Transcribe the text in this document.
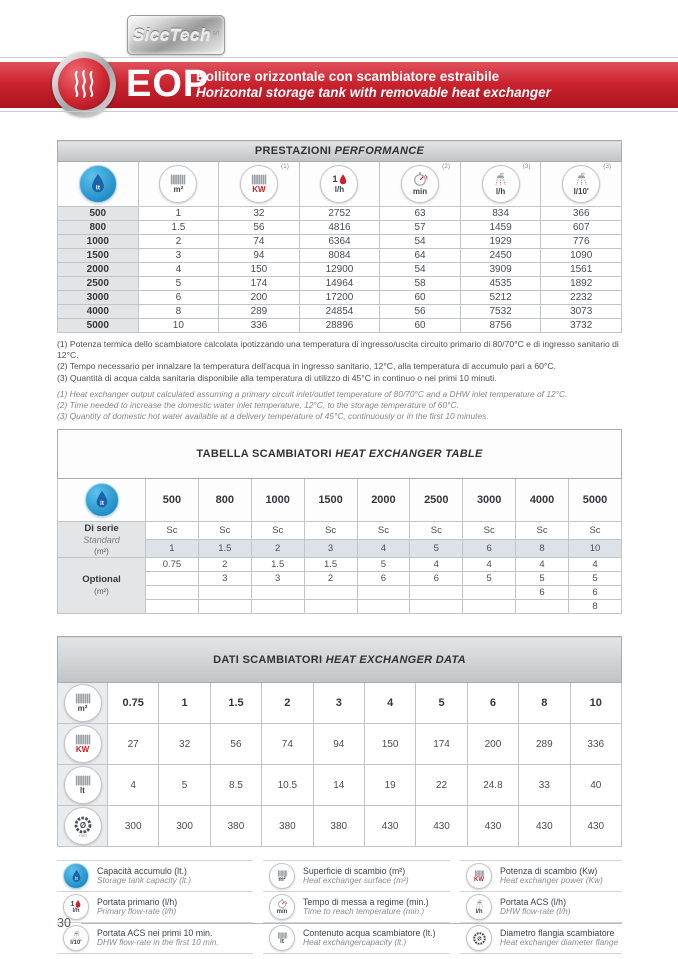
SiccTech srl
EOP
Bollitore orizzontale con scambiatore estraibile
Horizontal storage tank with removable heat exchanger
PRESTAZIONI PERFORMANCE						

lt	m²	KW
(1)	1
l/h	min
(2)	l/h
(3)	l/10'
(3)

500	1	32	2752	63	834	366
800	1.5	56	4816	57	1459	607
1000	2	74	6364	54	1929	776
1500	3	94	8084	64	2450	1090
2000	4	150	12900	54	3909	1561
2500	5	174	14964	58	4535	1892
3000	6	200	17200	60	5212	2232
4000	8	289	24854	56	7532	3073
5000	10	336	28896	60	8756	3732
(1) Potenza termica dello scambiatore calcolata ipotizzando una temperatura di ingresso/uscita circuito primario di 80/70°C e di ingresso sanitario di 12°C.
(2) Tempo necessario per innalzare la temperatura dell'acqua in ingresso sanitario, 12°C, alla temperatura di accumulo pari a 60°C.
(3) Quantità di acqua calda sanitaria disponibile alla temperatura di utilizzo di 45°C in continuo o nei primi 10 minuti.
(1) Heat exchanger output calculated assuming a primary circuit inlet/outlet temperature of 80/70°C and a DHW inlet temperature of 12°C.
(2) Time needed to increase the domestic water inlet temperature, 12°C, to the storage temperature of 60°C.
(3) Quantity of domestic hot water available at a delivery temperature of 45°C, continuously or in the first 10 minutes.
TABELLA SCAMBIATORI HEAT EXCHANGER TABLE									

lt	500	800	1000	1500	2000	2500	3000	4000	5000
Di serie
Standard
(m²)	Sc	Sc	Sc	Sc	Sc	Sc	Sc	Sc	Sc
	1	1.5	2	3	4	5	6	8	10
Optional
(m²)	0.75	2	1.5	1.5	5	4	4	4	4
		3	3	2	6	6	5	5	5
								6	6
									8
DATI SCAMBIATORI HEAT EXCHANGER DATA										

m²	0.75	1	1.5	2	3	4	5	6	8	10

KW	27	32	56	74	94	150	174	200	289	336

lt	4	5	8.5	10.5	14	19	22	24.8	33	40

Ø
mm	300	300	380	380	380	430	430	430	430	430
lt
Capacità accumulo (lt.)
Storage tank capacity (lt.)
1
l/h
Portata primario (l/h)
Primary flow-rate (l/h)
l/10'
Portata ACS nei primi 10 min.
DHW flow-rate in the first 10 min.
m²
Superficie di scambio (m²)
Heat exchanger surface (m²)
min
Tempo di messa a regime (min.)
Time to reach temperature (min.)
lt
Contenuto acqua scambiatore (lt.)
Heat exchangercapacity (lt.)
KW
Potenza di scambio (Kw)
Heat exchanger power (Kw)
l/h
Portata ACS (l/h)
DHW flow-rate (l/h)
Ø
Diametro flangia scambiatore
Heat exchanger diameter flange
30
